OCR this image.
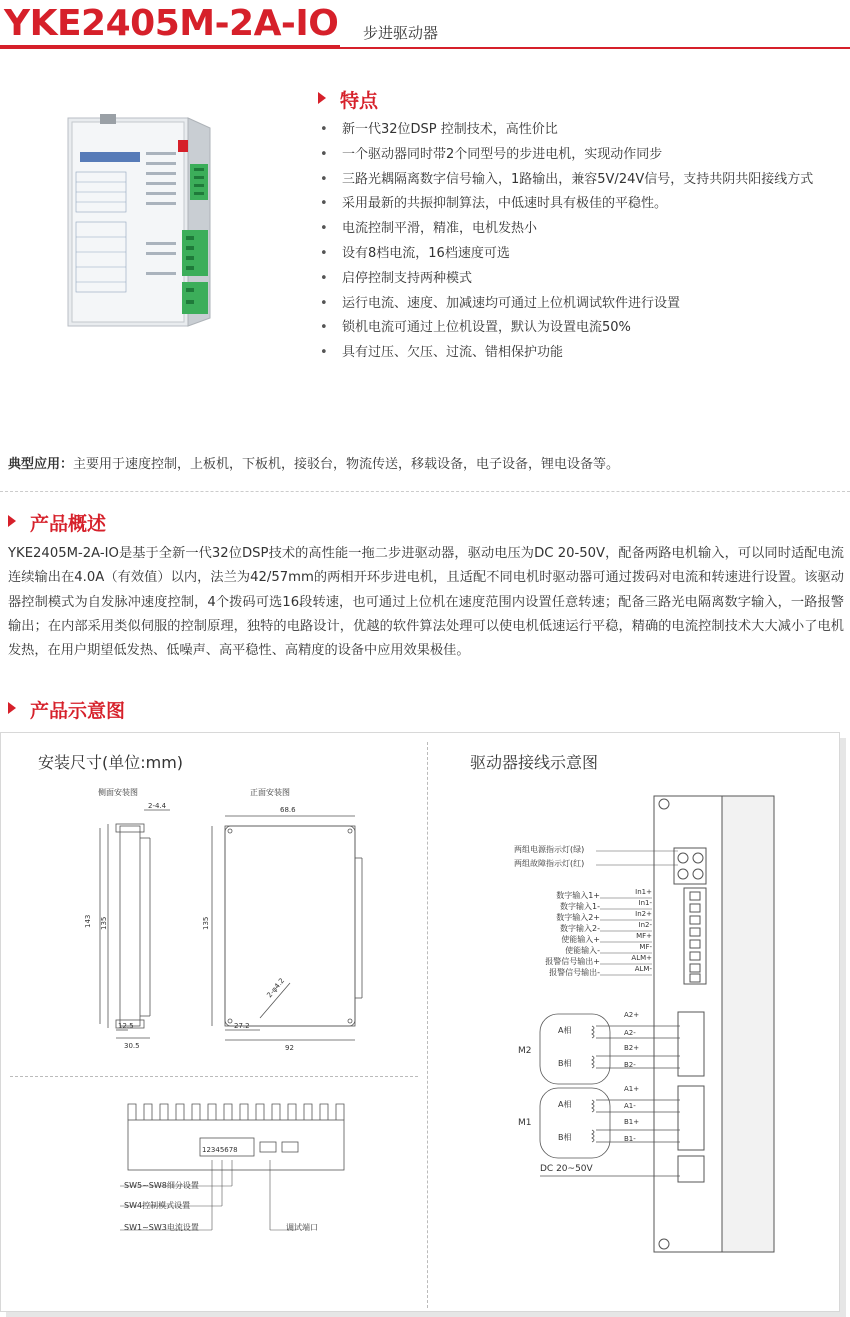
YKE2405M-2A-IO 步进驱动器
特点
• 新一代32位DSP 控制技术，高性价比
• 一个驱动器同时带2个同型号的步进电机，实现动作同步
• 三路光耦隔离数字信号输入，1路输出，兼容5V/24V信号，支持共阴共阳接线方式
• 采用最新的共振抑制算法，中低速时具有极佳的平稳性。
• 电流控制平滑，精准，电机发热小
• 设有8档电流，16档速度可选
• 启停控制支持两种模式
• 运行电流、速度、加减速均可通过上位机调试软件进行设置
• 锁机电流可通过上位机设置，默认为设置电流50%
• 具有过压、欠压、过流、错相保护功能
典型应用：主要用于速度控制，上板机，下板机，接驳台，物流传送，移载设备，电子设备，锂电设备等。
产品概述
YKE2405M-2A-IO是基于全新一代32位DSP技术的高性能一拖二步进驱动器，驱动电压为DC 20-50V，配备两路电机输入，可以同时适配电流连续输出在4.0A（有效值）以内，法兰为42/57mm的两相开环步进电机，且适配不同电机时驱动器可通过拨码对电流和转速进行设置。该驱动器控制模式为自发脉冲速度控制，4个拨码可选16段转速，也可通过上位机在速度范围内设置任意转速；配备三路光电隔离数字输入，一路报警输出；在内部采用类似伺服的控制原理，独特的电路设计，优越的软件算法处理可以使电机低速运行平稳，精确的电流控制技术大大减小了电机发热，在用户期望低发热、低噪声、高平稳性、高精度的设备中应用效果极佳。
产品示意图
安装尺寸(单位:mm)	驱动器接线示意图
侧面安装图	正面安装图
2-4.4	68.6
143 135	135
12.5
30.5
27.2
92
2-φ4.2
12345678
SW5~SW8细分设置
SW4控制模式设置
SW1~SW3电流设置	调试端口
两组电源指示灯(绿)
两组故障指示灯(红)
数字输入1+
数字输入1-
数字输入2+
数字输入2-
使能输入+
使能输入-
报警信号输出+
报警信号输出-
In1+
In1-
In2+
In2-
MF+
MF-
ALM+
ALM-
A相
B相
A相
B相
M2
M1
A2+
A2-
B2+
B2-
A1+
A1-
B1+
B1-
DC 20~50V
